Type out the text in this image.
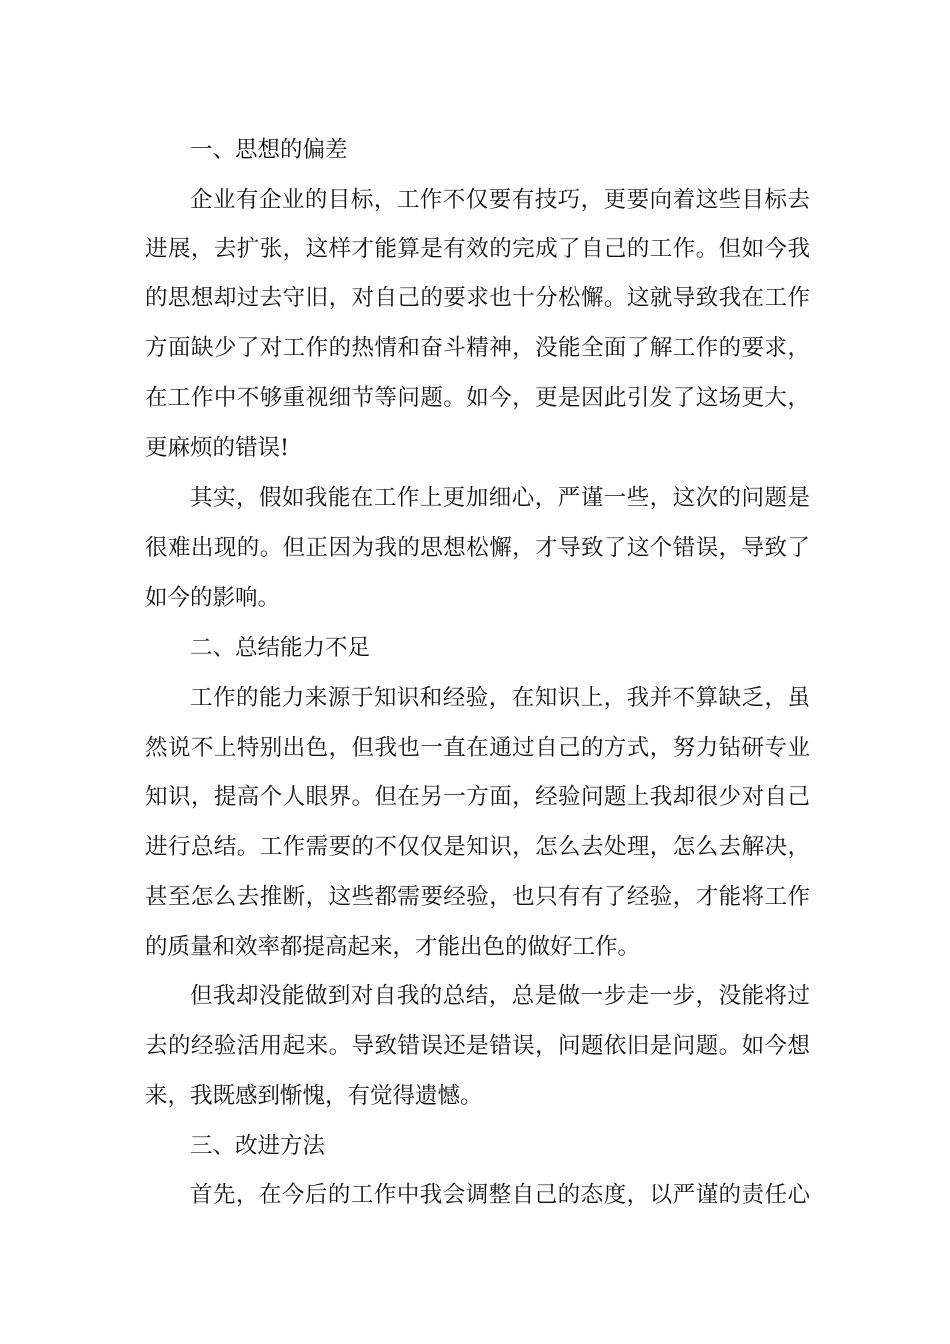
一、思想的偏差
企业有企业的目标，工作不仅要有技巧，更要向着这些目标去
进展，去扩张，这样才能算是有效的完成了自己的工作。但如今我
的思想却过去守旧，对自己的要求也十分松懈。这就导致我在工作
方面缺少了对工作的热情和奋斗精神，没能全面了解工作的要求，
在工作中不够重视细节等问题。如今，更是因此引发了这场更大，
更麻烦的错误!
其实，假如我能在工作上更加细心，严谨一些，这次的问题是
很难出现的。但正因为我的思想松懈，才导致了这个错误，导致了
如今的影响。
二、总结能力不足
工作的能力来源于知识和经验，在知识上，我并不算缺乏，虽
然说不上特别出色，但我也一直在通过自己的方式，努力钻研专业
知识，提高个人眼界。但在另一方面，经验问题上我却很少对自己
进行总结。工作需要的不仅仅是知识，怎么去处理，怎么去解决，
甚至怎么去推断，这些都需要经验，也只有有了经验，才能将工作
的质量和效率都提高起来，才能出色的做好工作。
但我却没能做到对自我的总结，总是做一步走一步，没能将过
去的经验活用起来。导致错误还是错误，问题依旧是问题。如今想
来，我既感到惭愧，有觉得遗憾。
三、改进方法
首先，在今后的工作中我会调整自己的态度，以严谨的责任心
